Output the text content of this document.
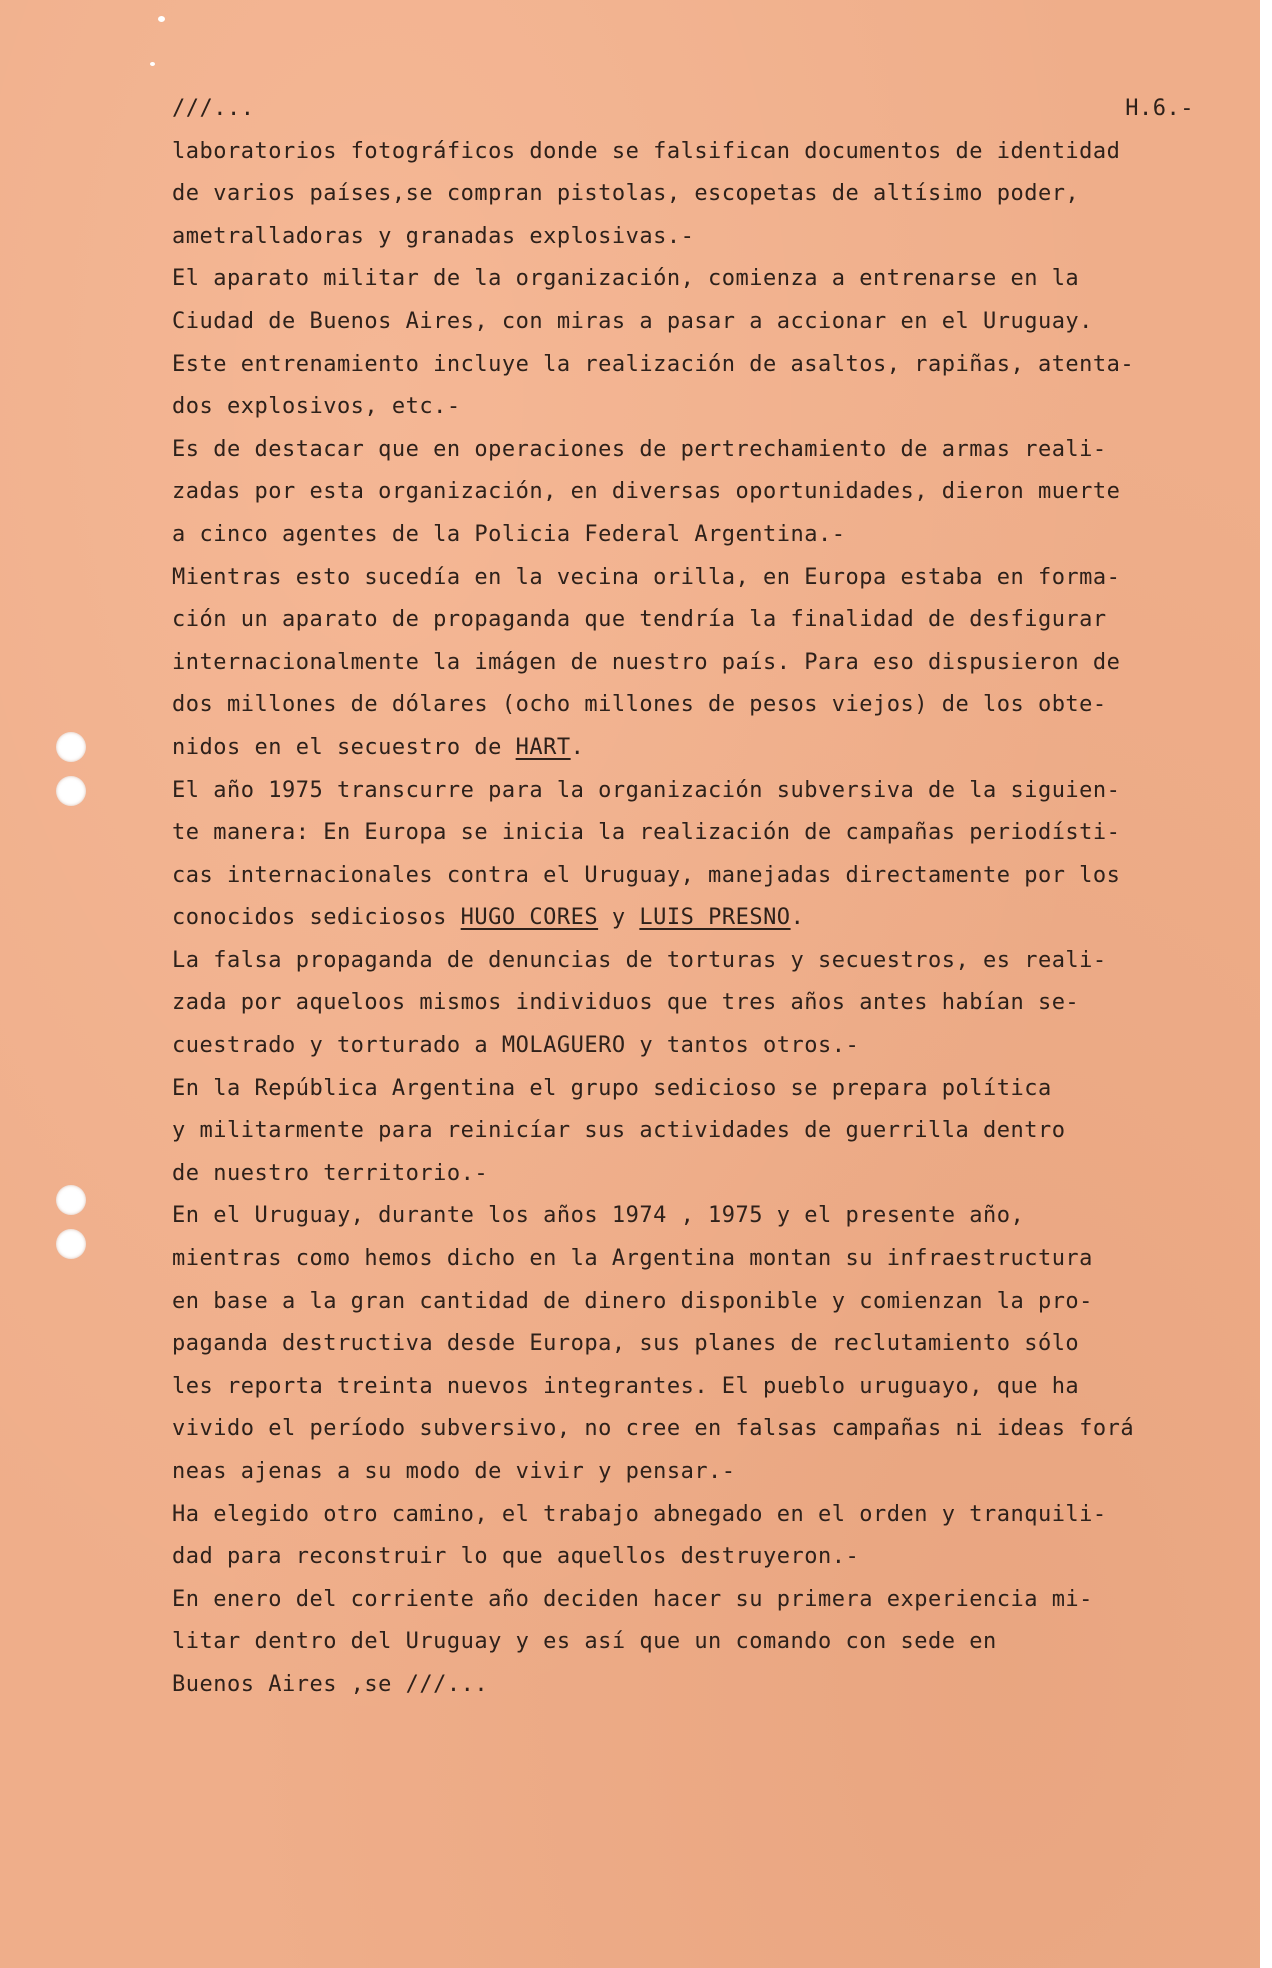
///...	H.6.-
laboratorios fotográficos donde se falsifican documentos de identidad
de varios países,se compran pistolas, escopetas de altísimo poder,
ametralladoras y granadas explosivas.-
El aparato militar de la organización, comienza a entrenarse en la
Ciudad de Buenos Aires, con miras a pasar a accionar en el Uruguay.
Este entrenamiento incluye la realización de asaltos, rapiñas, atenta-
dos explosivos, etc.-
Es de destacar que en operaciones de pertrechamiento de armas reali-
zadas por esta organización, en diversas oportunidades, dieron muerte
a cinco agentes de la Policia Federal Argentina.-
Mientras esto sucedía en la vecina orilla, en Europa estaba en forma-
ción un aparato de propaganda que tendría la finalidad de desfigurar
internacionalmente la imágen de nuestro país. Para eso dispusieron de
dos millones de dólares (ocho millones de pesos viejos) de los obte-
nidos en el secuestro de HART.
El año 1975 transcurre para la organización subversiva de la siguien-
te manera: En Europa se inicia la realización de campañas periodísti-
cas internacionales contra el Uruguay, manejadas directamente por los
conocidos sediciosos HUGO CORES y LUIS PRESNO.
La falsa propaganda de denuncias de torturas y secuestros, es reali-
zada por aqueloos mismos individuos que tres años antes habían se-
cuestrado y torturado a MOLAGUERO y tantos otros.-
En la República Argentina el grupo sedicioso se prepara política
y militarmente para reinicíar sus actividades de guerrilla dentro
de nuestro territorio.-
En el Uruguay, durante los años 1974 , 1975 y el presente año,
mientras como hemos dicho en la Argentina montan su infraestructura
en base a la gran cantidad de dinero disponible y comienzan la pro-
paganda destructiva desde Europa, sus planes de reclutamiento sólo
les reporta treinta nuevos integrantes. El pueblo uruguayo, que ha
vivido el período subversivo, no cree en falsas campañas ni ideas forá
neas ajenas a su modo de vivir y pensar.-
Ha elegido otro camino, el trabajo abnegado en el orden y tranquili-
dad para reconstruir lo que aquellos destruyeron.-
En enero del corriente año deciden hacer su primera experiencia mi-
litar dentro del Uruguay y es así que un comando con sede en
Buenos Aires ,se ///...
